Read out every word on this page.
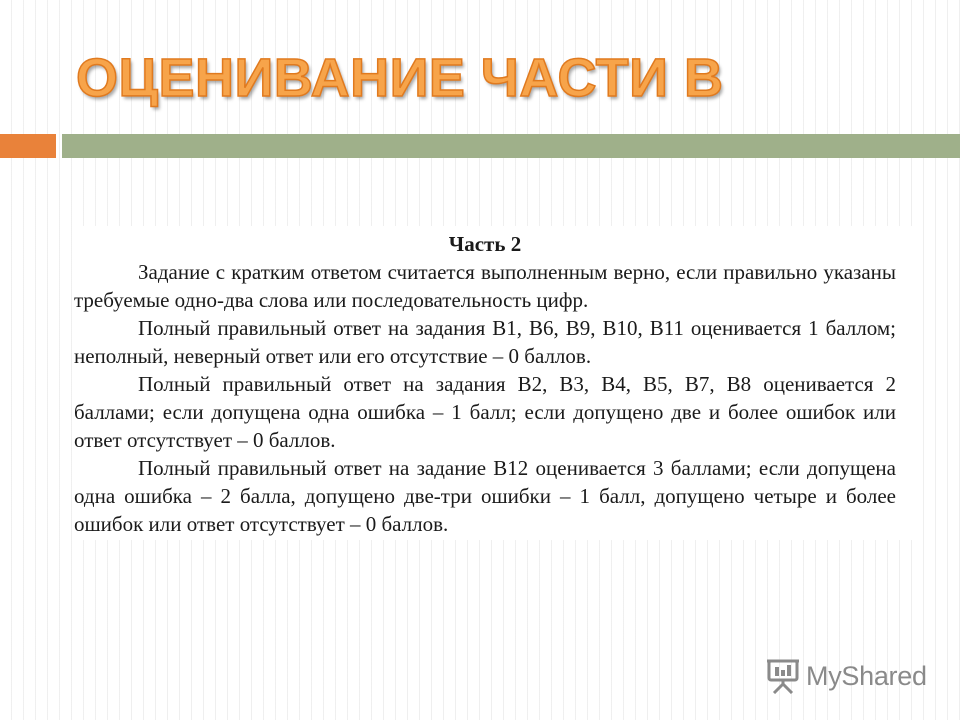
ОЦЕНИВАНИЕ ЧАСТИ В

Часть 2

Задание с кратким ответом считается выполненным верно, если правильно указаны требуемые одно-два слова или последовательность цифр.

Полный правильный ответ на задания В1, В6, В9, В10, В11 оценивается 1 баллом; неполный, неверный ответ или его отсутствие – 0 баллов.

Полный правильный ответ на задания В2, В3, В4, В5, В7, В8 оценивается 2 баллами; если допущена одна ошибка – 1 балл; если допущено две и более ошибок или ответ отсутствует – 0 баллов.

Полный правильный ответ на задание В12 оценивается 3 баллами; если допущена одна ошибка – 2 балла, допущено две-три ошибки – 1 балл, допущено четыре и более ошибок или ответ отсутствует – 0 баллов.

MyShared
